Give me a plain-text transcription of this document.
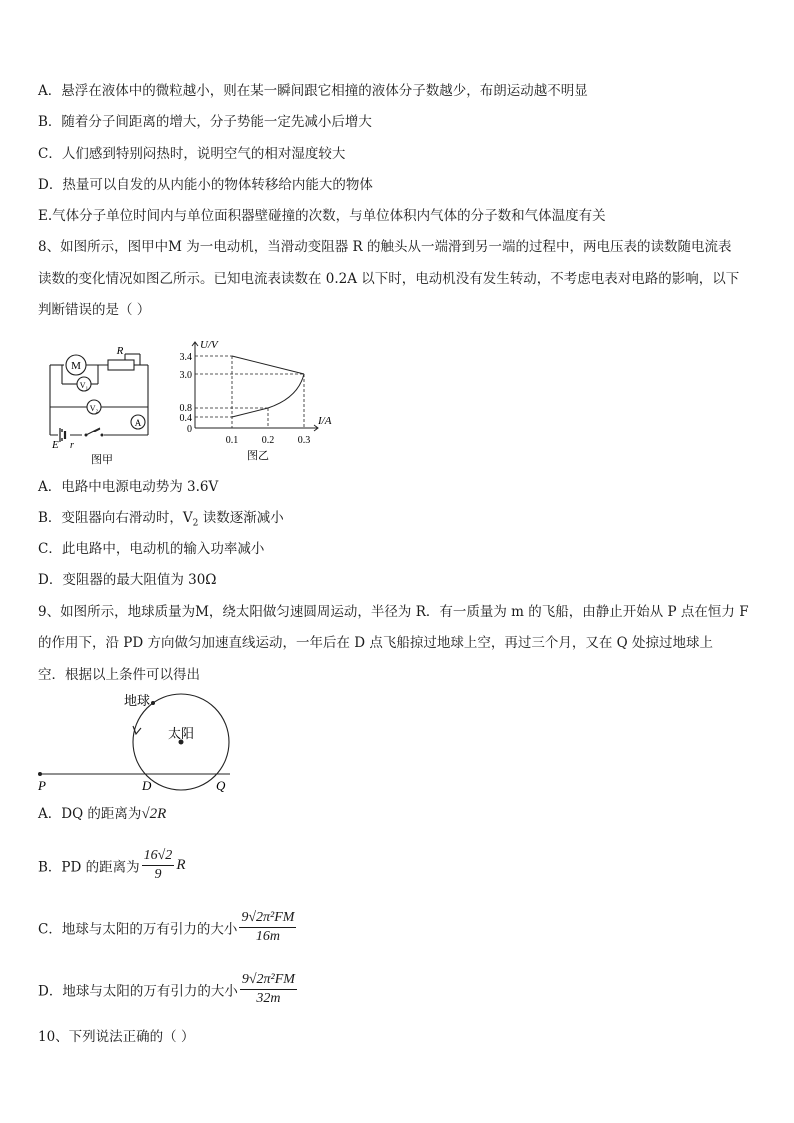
A．悬浮在液体中的微粒越小，则在某一瞬间跟它相撞的液体分子数越少，布朗运动越不明显
B．随着分子间距离的增大，分子势能一定先减小后增大
C．人们感到特别闷热时，说明空气的相对湿度较大
D．热量可以自发的从内能小的物体转移给内能大的物体
E.气体分子单位时间内与单位面积器壁碰撞的次数，与单位体积内气体的分子数和气体温度有关
8、如图所示，图甲中M 为一电动机，当滑动变阻器 R 的触头从一端滑到另一端的过程中，两电压表的读数随电流表
读数的变化情况如图乙所示。已知电流表读数在 0.2A 以下时，电动机没有发生转动，不考虑电表对电路的影响，以下
判断错误的是（ ）
M
R
V₁
V₂
A
E r
图甲
U/V
I/A
3.4
3.0
0.8
0.4
0
0.1 0.2 0.3
图乙
A．电路中电源电动势为 3.6V
B．变阻器向右滑动时，$V_2$ 读数逐渐减小
C．此电路中，电动机的输入功率减小
D．变阻器的最大阻值为 30Ω
9、如图所示，地球质量为M，绕太阳做匀速圆周运动，半径为 R．有一质量为 m 的飞船，由静止开始从 P 点在恒力 F
的作用下，沿 PD 方向做匀加速直线运动，一年后在 D 点飞船掠过地球上空，再过三个月，又在 Q 处掠过地球上
空．根据以上条件可以得出
地球
太阳
P	D	Q
A．DQ 的距离为√2R
B．PD 的距离为 $\frac{16√2}{9}$ R
C．地球与太阳的万有引力的大小 $\frac{\text{9√2π²FM}}{16m}$
D．地球与太阳的万有引力的大小 $\frac{\text{9√2π²FM}}{32m}$
10、下列说法正确的（ ）
